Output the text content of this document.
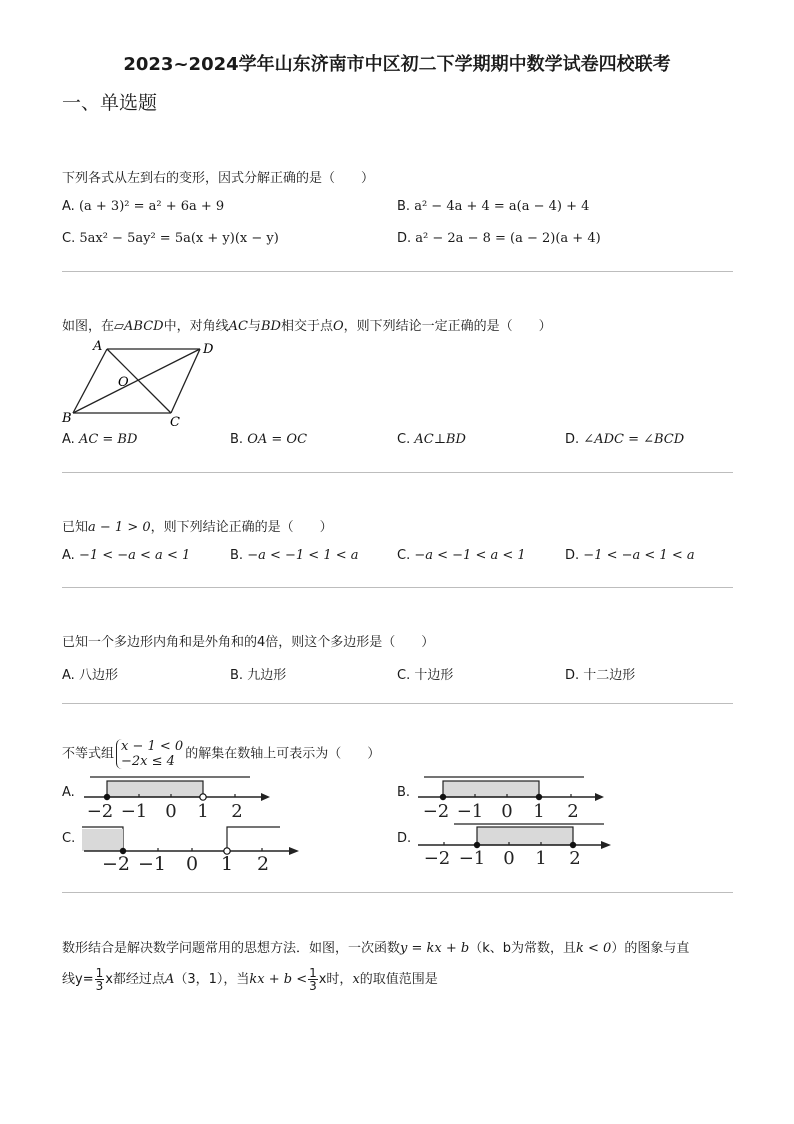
2023~2024学年山东济南市中区初二下学期期中数学试卷四校联考
一、单选题
下列各式从左到右的变形，因式分解正确的是（　　）
A. (a + 3)² = a² + 6a + 9	B. a² − 4a + 4 = a(a − 4) + 4
C. 5ax² − 5ay² = 5a(x + y)(x − y)	D. a² − 2a − 8 = (a − 2)(a + 4)
如图，在▱ABCD中，对角线AC与BD相交于点O，则下列结论一定正确的是（　　）
A	D
B	C
O
A. AC = BD	B. OA = OC	C. AC⊥BD	D. ∠ADC = ∠BCD
已知a − 1 > 0，则下列结论正确的是（　　）
A. −1 < −a < a < 1	B. −a < −1 < 1 < a	C. −a < −1 < a < 1	D. −1 < −a < 1 < a
已知一个多边形内角和是外角和的4倍，则这个多边形是（　　）
A. 八边形	B. 九边形	C. 十边形	D. 十二边形
不等式组 x − 1 < 0
−2x ≤ 4 的解集在数轴上可表示为（　　）
A.	B.
C.	D.
−2 −1 0 1 2	−2 −1 0 1 2
−2 −1 0 1 2	−2 −1 0 1 2
数形结合是解决数学问题常用的思想方法．如图，一次函数y = kx + b（k、b为常数，且k < 0）的图象与直
线$y= \frac{1}{3}$ x都经过点A（3，1），当kx + $b < \frac{1}{3}$ x时，x的取值范围是
